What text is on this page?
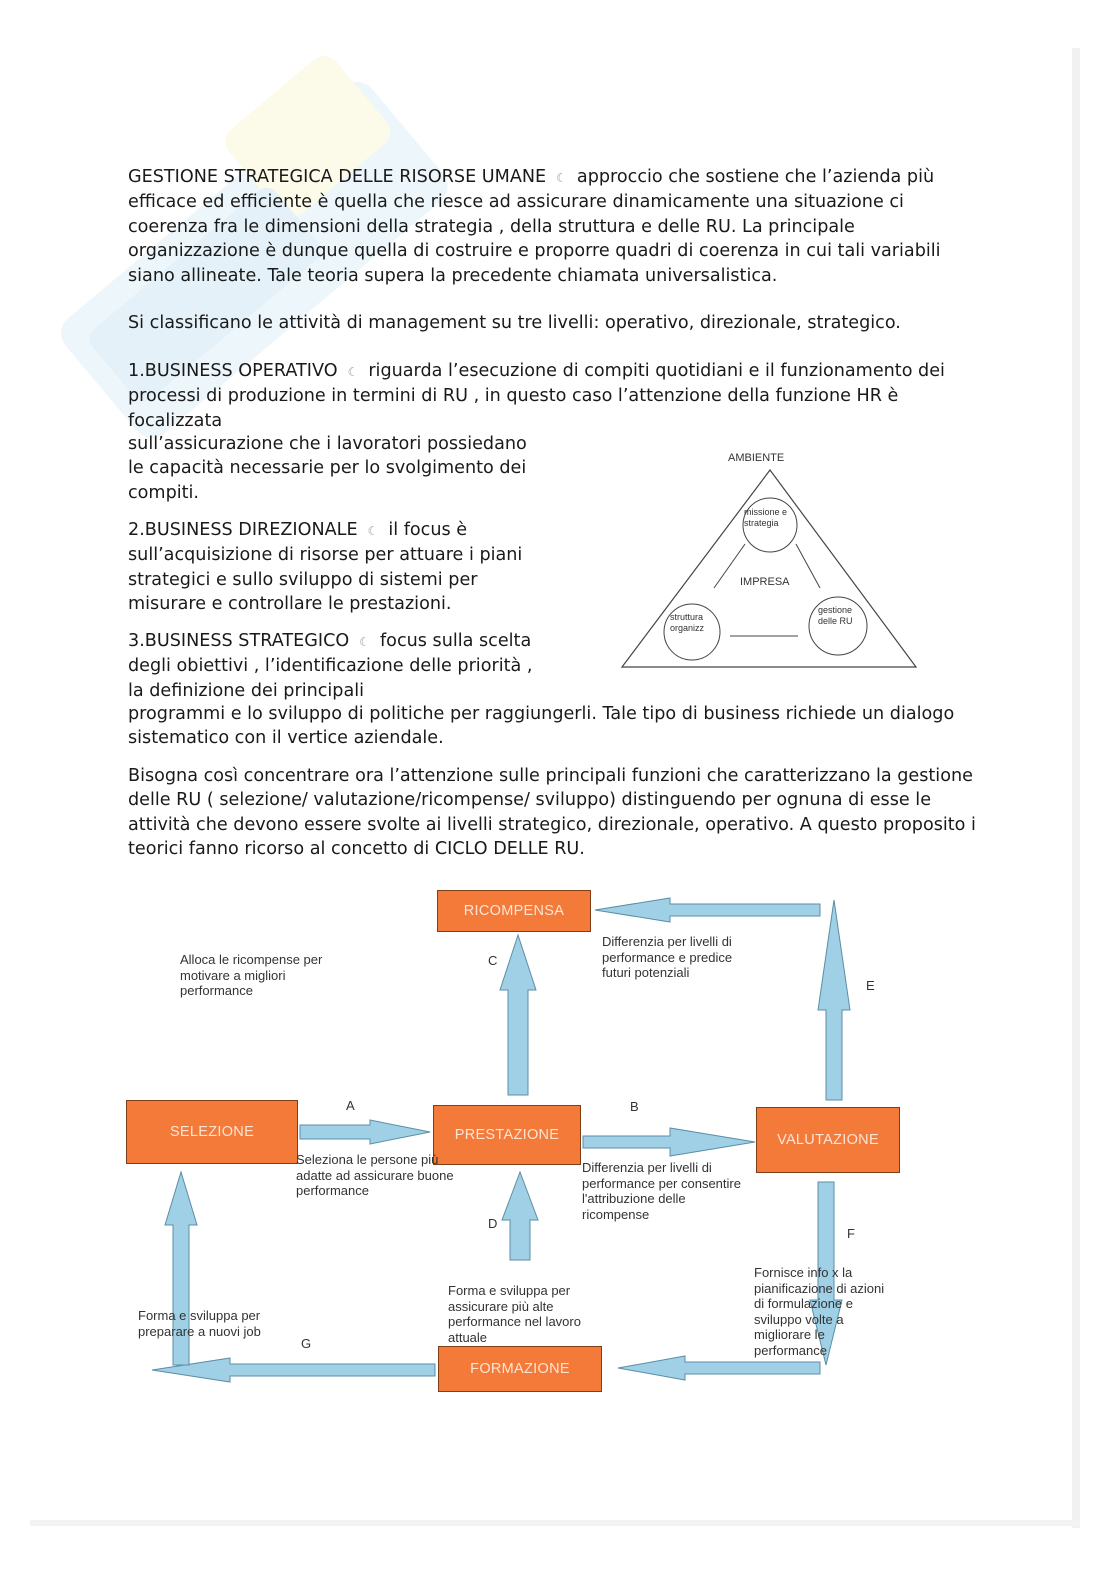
GESTIONE STRATEGICA DELLE RISORSE UMANE ☾ approccio che sostiene che l’azienda più efficace ed efficiente è quella che riesce ad assicurare dinamicamente una situazione ci coerenza fra le dimensioni della strategia , della struttura e delle RU. La principale organizzazione è dunque quella di costruire e proporre quadri di coerenza in cui tali variabili siano allineate. Tale teoria supera la precedente chiamata universalistica.

Si classificano le attività di management su tre livelli: operativo, direzionale, strategico.

1.BUSINESS OPERATIVO ☾ riguarda l’esecuzione di compiti quotidiani e il funzionamento dei processi di produzione in termini di RU , in questo caso l’attenzione della funzione HR è focalizzata

sull’assicurazione che i lavoratori possiedano le capacità necessarie per lo svolgimento dei compiti.

2.BUSINESS DIREZIONALE ☾ il focus è sull’acquisizione di risorse per attuare i piani strategici e sullo sviluppo di sistemi per misurare e controllare le prestazioni.

3.BUSINESS STRATEGICO ☾ focus sulla scelta degli obiettivi , l’identificazione delle priorità , la definizione dei principali

programmi e lo sviluppo di politiche per raggiungerli. Tale tipo di business richiede un dialogo sistematico con il vertice aziendale.

Bisogna così concentrare ora l’attenzione sulle principali funzioni che caratterizzano la gestione delle RU ( selezione/ valutazione/ricompense/ sviluppo) distinguendo per ognuna di esse le attività che devono essere svolte ai livelli strategico, direzionale, operativo. A questo proposito i teorici fanno ricorso al concetto di CICLO DELLE RU.

AMBIENTE
missione e strategia
IMPRESA
struttura organizz
gestione delle RU
RICOMPENSA
SELEZIONE	PRESTAZIONE	VALUTAZIONE
FORMAZIONE
A	B
C
D
E
F
G
Alloca le ricompense per motivare a migliori performance
Differenzia per livelli di performance e predice futuri potenziali
Seleziona le persone più adatte ad assicurare buone performance
Differenzia per livelli di performance per consentire l'attribuzione delle ricompense
Forma e sviluppa per assicurare più alte performance nel lavoro attuale
Fornisce info x la pianificazione di azioni di formulazione e sviluppo volte a migliorare le performance
Forma e sviluppa per preparare a nuovi job
